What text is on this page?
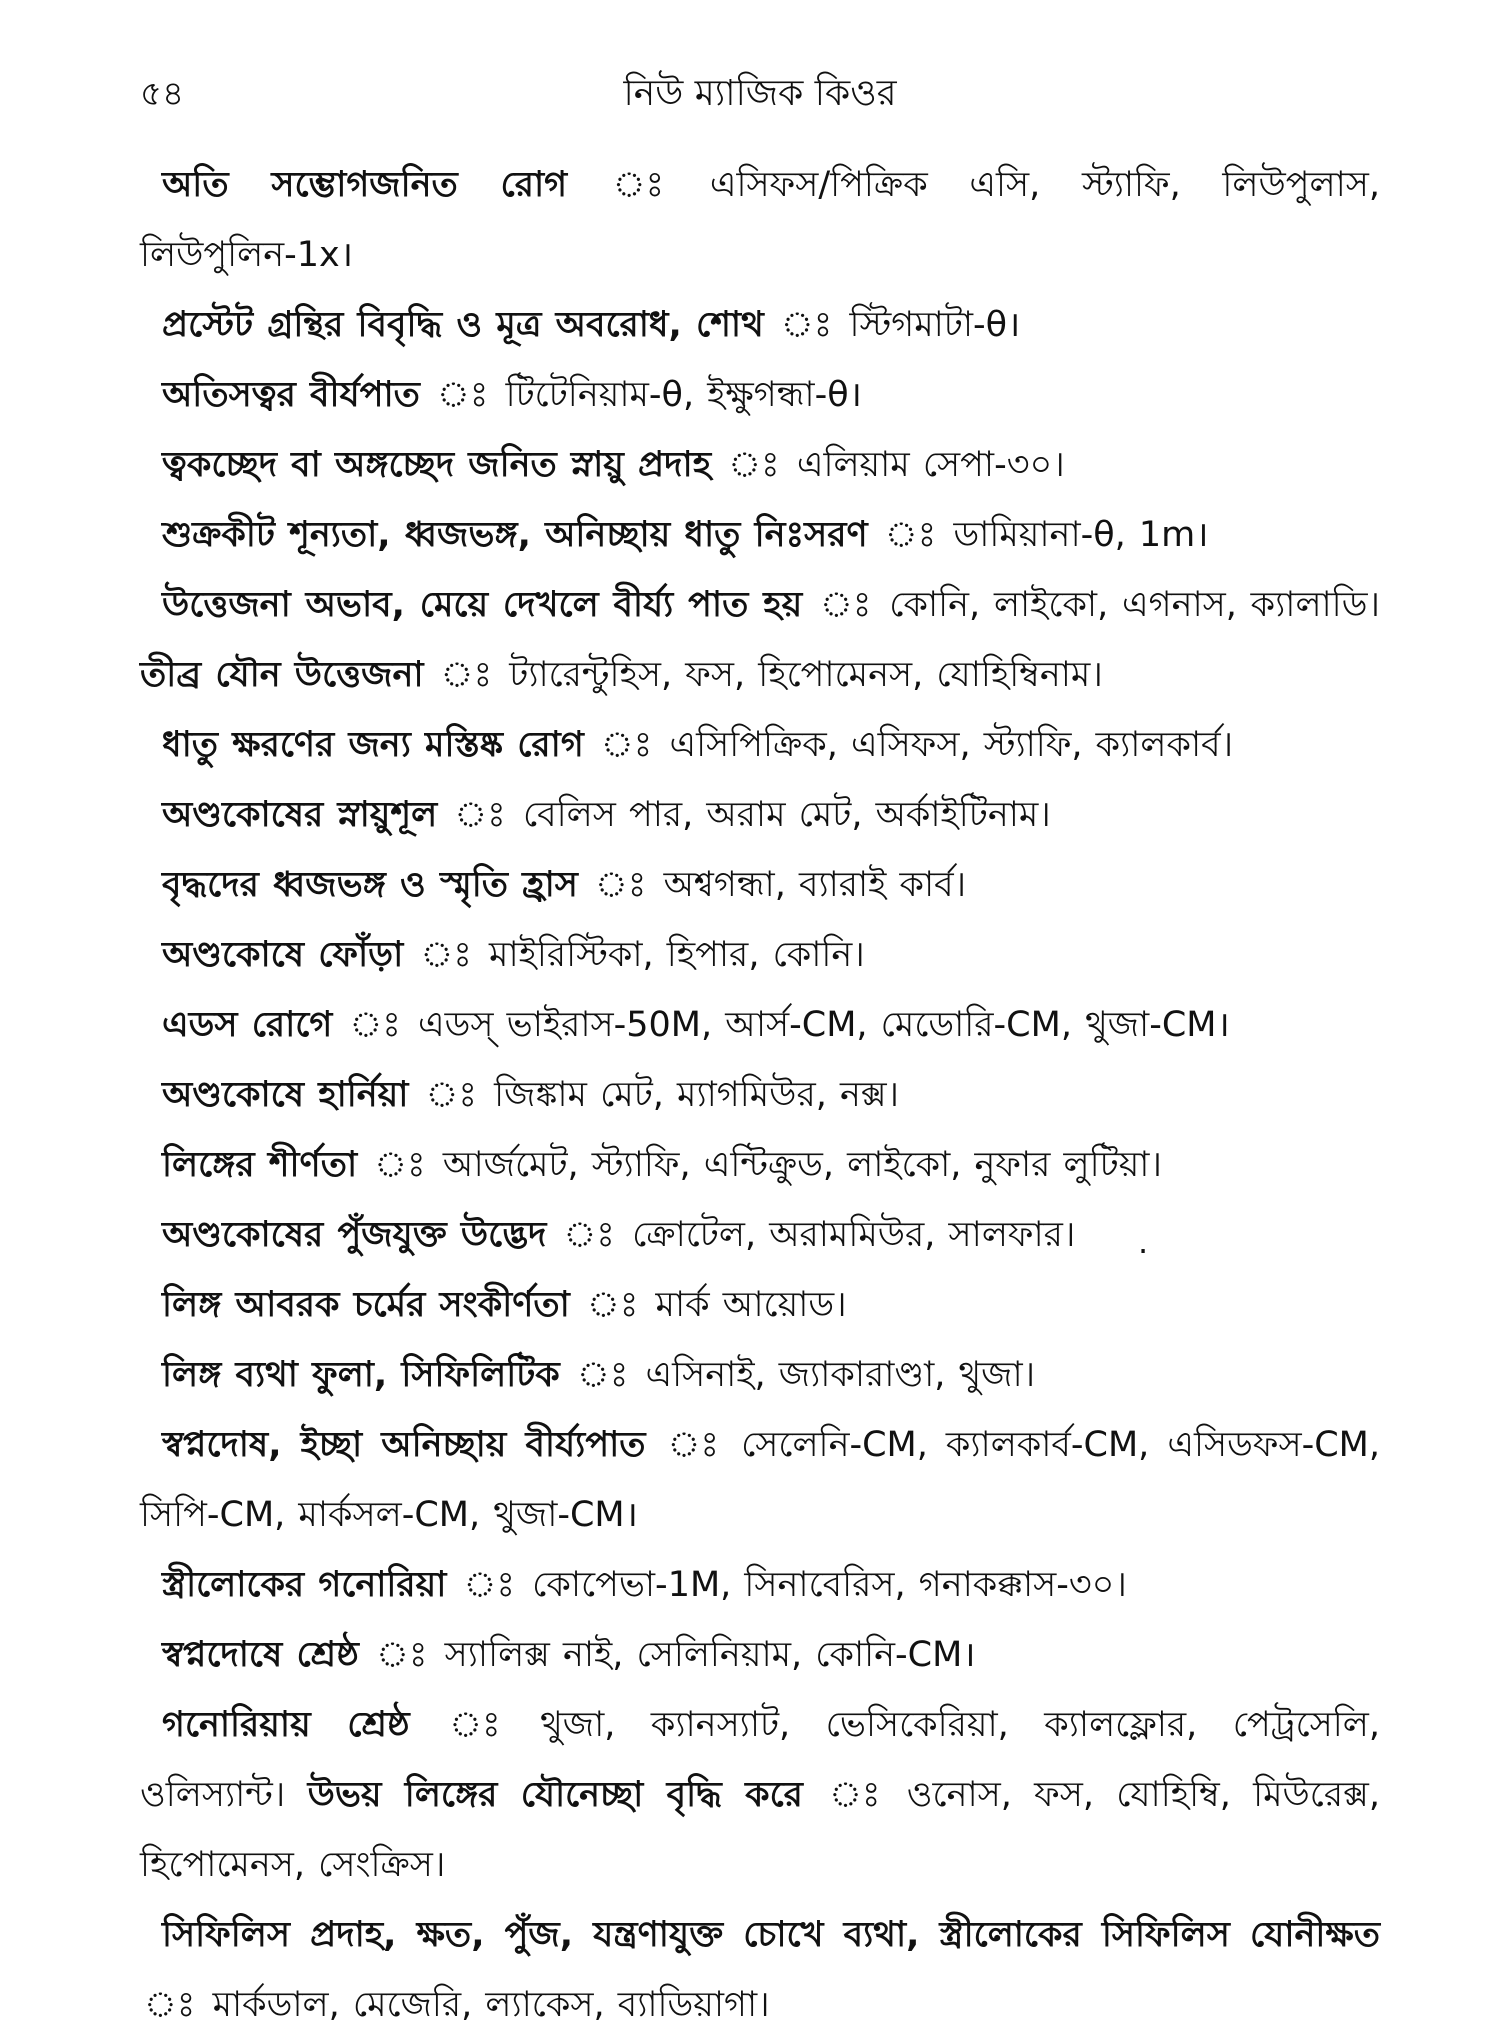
৫৪	নিউ ম্যাজিক কিওর

অতি সম্ভোগজনিত রোগ ঃ এসিফস/পিক্রিক এসি, স্ট্যাফি, লিউপুলাস, লিউপুলিন-1x।

প্রস্টেট গ্রন্থির বিবৃদ্ধি ও মূত্র অবরোধ, শোথ ঃ স্টিগমাটা-θ।

অতিসত্বর বীর্যপাত ঃ টিটেনিয়াম-θ, ইক্ষুগন্ধা-θ।

ত্বকচ্ছেদ বা অঙ্গচ্ছেদ জনিত স্নায়ু প্রদাহ ঃ এলিয়াম সেপা-৩০।

শুক্রকীট শূন্যতা, ধ্বজভঙ্গ, অনিচ্ছায় ধাতু নিঃসরণ ঃ ডামিয়ানা-θ, 1m।

উত্তেজনা অভাব, মেয়ে দেখলে বীর্য্য পাত হয় ঃ কোনি, লাইকো, এগনাস, ক্যালাডি। তীব্র যৌন উত্তেজনা ঃ ট্যারেন্টুহিস, ফস, হিপোমেনস, যোহিম্বিনাম।

ধাতু ক্ষরণের জন্য মস্তিষ্ক রোগ ঃ এসিপিক্রিক, এসিফস, স্ট্যাফি, ক্যালকার্ব।

অণ্ডকোষের স্নায়ুশূল ঃ বেলিস পার, অরাম মেট, অর্কাইটিনাম।

বৃদ্ধদের ধ্বজভঙ্গ ও স্মৃতি হ্রাস ঃ অশ্বগন্ধা, ব্যারাই কার্ব।

অণ্ডকোষে ফোঁড়া ঃ মাইরিস্টিকা, হিপার, কোনি।

এডস রোগে ঃ এডস্ ভাইরাস-50M, আর্স-CM, মেডোরি-CM, থুজা-CM।

অণ্ডকোষে হার্নিয়া ঃ জিঙ্কাম মেট, ম্যাগমিউর, নক্স।

লিঙ্গের শীর্ণতা ঃ আর্জমেট, স্ট্যাফি, এন্টিক্রুড, লাইকো, নুফার লুটিয়া।

অণ্ডকোষের পুঁজযুক্ত উদ্ভেদ ঃ ক্রোটেল, অরামমিউর, সালফার।

লিঙ্গ আবরক চর্মের সংকীর্ণতা ঃ মার্ক আয়োড।

লিঙ্গ ব্যথা ফুলা, সিফিলিটিক ঃ এসিনাই, জ্যাকারাণ্ডা, থুজা।

স্বপ্নদোষ, ইচ্ছা অনিচ্ছায় বীর্য্যপাত ঃ সেলেনি-CM, ক্যালকার্ব-CM, এসিডফস-CM, সিপি-CM, মার্কসল-CM, থুজা-CM।

স্ত্রীলোকের গনোরিয়া ঃ কোপেভা-1M, সিনাবেরিস, গনাকক্কাস-৩০।

স্বপ্নদোষে শ্রেষ্ঠ ঃ স্যালিক্স নাই, সেলিনিয়াম, কোনি-CM।

গনোরিয়ায় শ্রেষ্ঠ ঃ থুজা, ক্যানস্যাট, ভেসিকেরিয়া, ক্যালফ্লোর, পেট্রসেলি, ওলিস্যান্ট। উভয় লিঙ্গের যৌনেচ্ছা বৃদ্ধি করে ঃ ওনোস, ফস, যোহিম্বি, মিউরেক্স, হিপোমেনস, সেংক্রিস।

সিফিলিস প্রদাহ, ক্ষত, পুঁজ, যন্ত্রণাযুক্ত চোখে ব্যথা, স্ত্রীলোকের সিফিলিস যোনীক্ষত ঃ মার্কডাল, মেজেরি, ল্যাকেস, ব্যাডিয়াগা।

·
